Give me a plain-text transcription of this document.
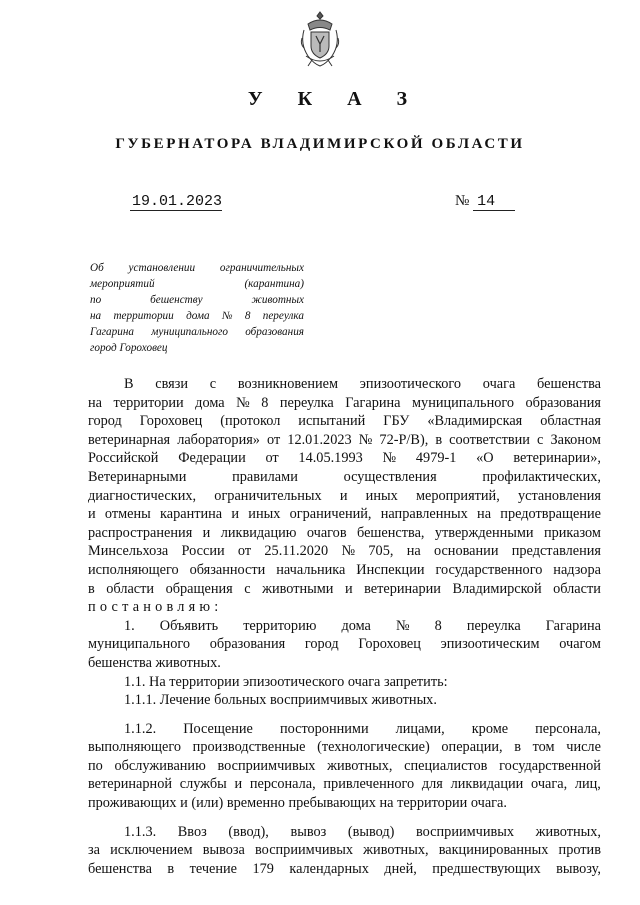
У К А З
ГУБЕРНАТОРА ВЛАДИМИРСКОЙ ОБЛАСТИ
19.01.2023	№ 14
Об установлении ограничительных
мероприятий	(карантина)
по	бешенству	животных
на территории дома № 8 переулка
Гагарина муниципального образования
город Гороховец
В связи с возникновением эпизоотического очага бешенства
на территории дома № 8 переулка Гагарина муниципального образования
город Гороховец (протокол испытаний ГБУ «Владимирская областная
ветеринарная лаборатория» от 12.01.2023 № 72-Р/В), в соответствии с Законом
Российской Федерации от 14.05.1993 № 4979-1 «О ветеринарии»,
Ветеринарными	правилами	осуществления	профилактических,
диагностических, ограничительных и иных мероприятий, установления
и отмены карантина и иных ограничений, направленных на предотвращение
распространения и ликвидацию очагов бешенства, утвержденными приказом
Минсельхоза России от 25.11.2020 № 705, на основании представления
исполняющего обязанности начальника Инспекции государственного надзора
в области обращения с животными и ветеринарии Владимирской области
постановляю:
1. Объявить территорию дома № 8 переулка Гагарина
муниципального образования город Гороховец эпизоотическим очагом
бешенства животных.
1.1. На территории эпизоотического очага запретить:
1.1.1. Лечение больных восприимчивых животных.
1.1.2. Посещение посторонними лицами, кроме персонала,
выполняющего производственные (технологические) операции, в том числе
по обслуживанию восприимчивых животных, специалистов государственной
ветеринарной службы и персонала, привлеченного для ликвидации очага, лиц,
проживающих и (или) временно пребывающих на территории очага.
1.1.3. Ввоз (ввод), вывоз (вывод) восприимчивых животных,
за исключением вывоза восприимчивых животных, вакцинированных против
бешенства в течение 179 календарных дней, предшествующих вывозу,
